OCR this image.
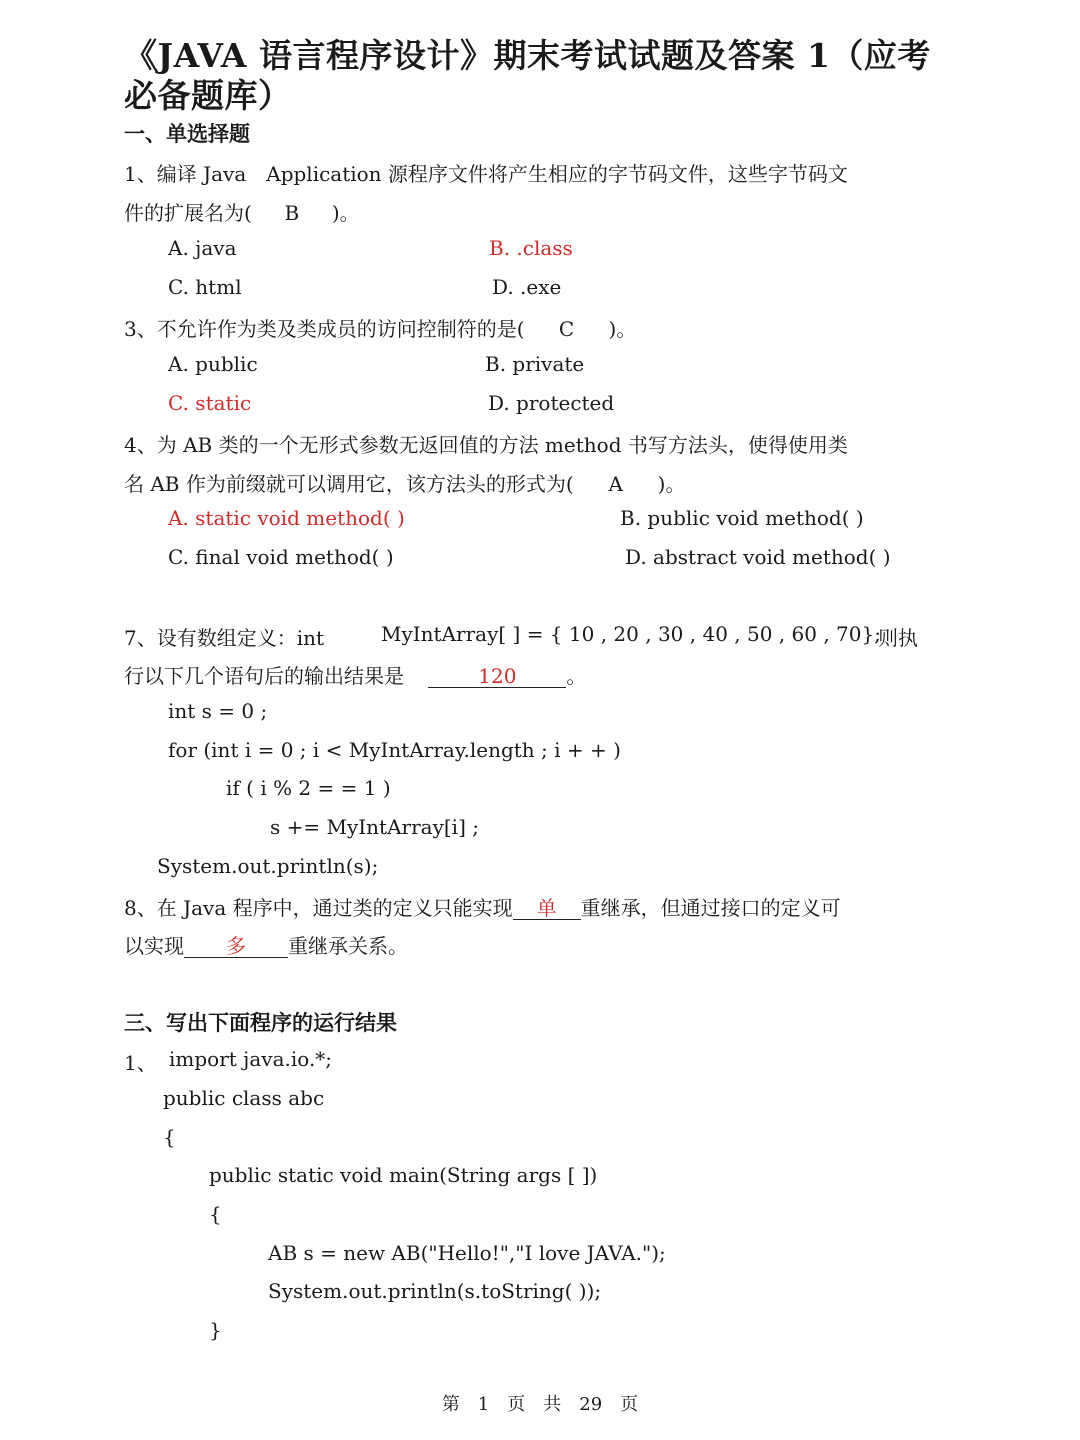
《JAVA 语言程序设计》期末考试试题及答案 1（应考
必备题库）
一、单选择题
1、编译 Java　Application 源程序文件将产生相应的字节码文件，这些字节码文
件的扩展名为( B )。
A. java	B. .class
C. html	D. .exe
3、不允许作为类及类成员的访问控制符的是( C )。
A. public	B. private
C. static	D. protected
4、为 AB 类的一个无形式参数无返回值的方法 method 书写方法头，使得使用类
名 AB 作为前缀就可以调用它，该方法头的形式为( A )。
A. static void method( )	B. public void method( )
C. final void method( )	D. abstract void method( )
7、设有数组定义：int	MyIntArray[ ] = { 10 , 20 , 30 , 40 , 50 , 60 , 70};
则执
行以下几个语句后的输出结果是	120 。
int s = 0 ;
for (int i = 0 ; i < MyIntArray.length ; i + + )
if ( i % 2 = = 1 )
s += MyIntArray[i] ;
System.out.println(s);
8、在 Java 程序中，通过类的定义只能实现 单 重继承，但通过接口的定义可
以实现 多 重继承关系。
三、写出下面程序的运行结果
1、 import java.io.*;
public class abc
{
public static void main(String args [ ])
{
AB s = new AB("Hello!","I love JAVA.");
System.out.println(s.toString( ));
}
第　1　页　共　29　页
